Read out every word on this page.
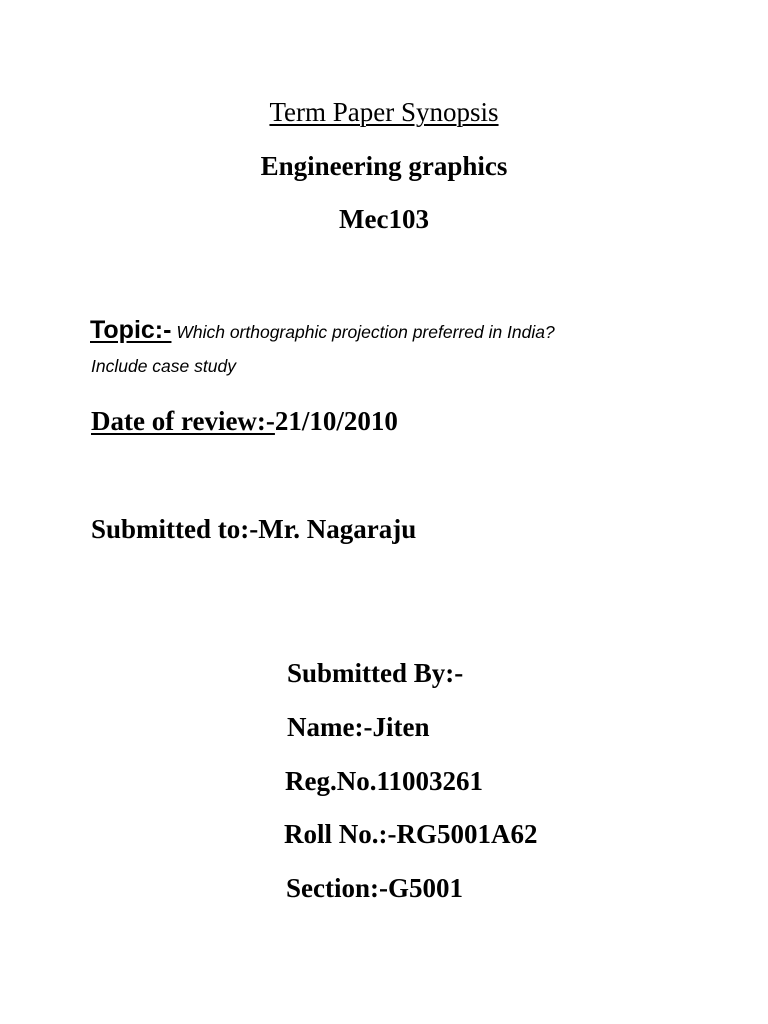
Term Paper Synopsis
Engineering graphics
Mec103
Topic:- Which orthographic projection preferred in India?
Include case study
Date of review:-21/10/2010
Submitted to:-Mr. Nagaraju
Submitted By:-
Name:-Jiten
Reg.No.11003261
Roll No.:-RG5001A62
Section:-G5001
